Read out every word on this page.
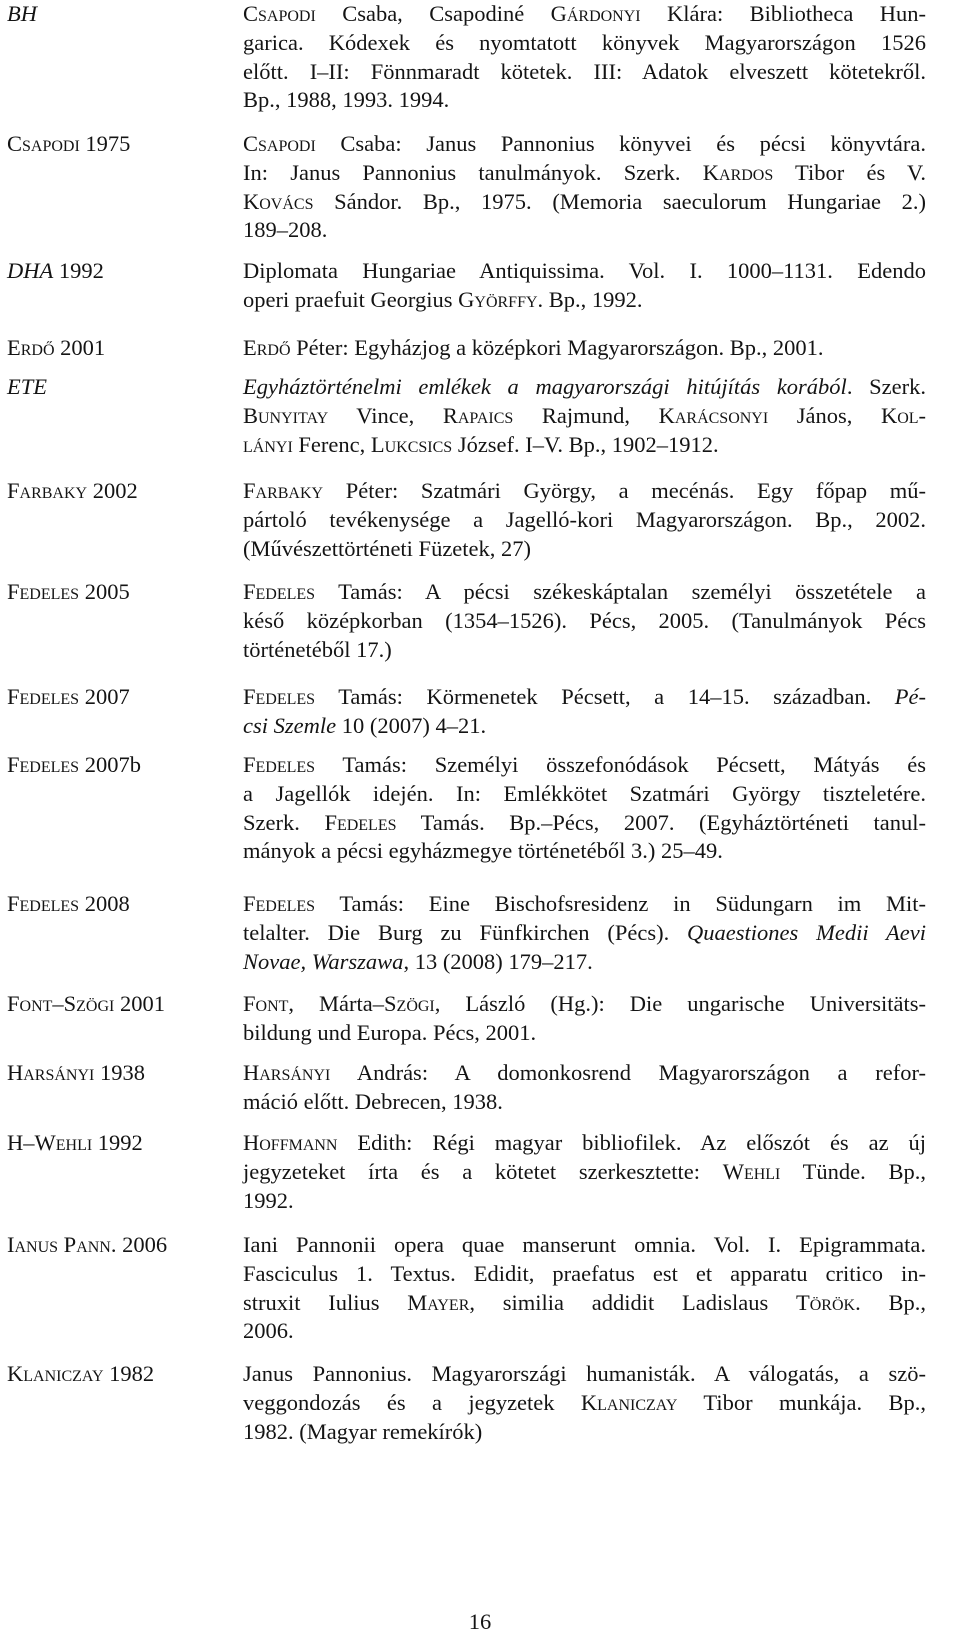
BH	Csapodi Csaba, Csapodiné Gárdonyi Klára: Bibliotheca Hun-
garica. Kódexek és nyomtatott könyvek Magyarországon 1526
előtt. I–II: Fönnmaradt kötetek. III: Adatok elveszett kötetekről.
Bp., 1988, 1993. 1994.
Csapodi 1975	Csapodi Csaba: Janus Pannonius könyvei és pécsi könyvtára.
In: Janus Pannonius tanulmányok. Szerk. Kardos Tibor és V.
Kovács Sándor. Bp., 1975. (Memoria saeculorum Hungariae 2.)
189–208.
DHA 1992	Diplomata Hungariae Antiquissima. Vol. I. 1000–1131. Edendo
operi praefuit Georgius Györffy. Bp., 1992.
Erdő 2001	Erdő Péter: Egyházjog a középkori Magyarországon. Bp., 2001.
ETE	Egyháztörténelmi emlékek a magyarországi hitújítás korából. Szerk.
Bunyitay Vince, Rapaics Rajmund, Karácsonyi János, Kol-
lányi Ferenc, Lukcsics József. I–V. Bp., 1902–1912.
Farbaky 2002	Farbaky Péter: Szatmári György, a mecénás. Egy főpap mű-
pártoló tevékenysége a Jagelló-kori Magyarországon. Bp., 2002.
(Művészettörténeti Füzetek, 27)
Fedeles 2005	Fedeles Tamás: A pécsi székeskáptalan személyi összetétele a
késő középkorban (1354–1526). Pécs, 2005. (Tanulmányok Pécs
történetéből 17.)
Fedeles 2007	Fedeles Tamás: Körmenetek Pécsett, a 14–15. században. Pé-
csi Szemle 10 (2007) 4–21.
Fedeles 2007b	Fedeles Tamás: Személyi összefonódások Pécsett, Mátyás és
a Jagellók idején. In: Emlékkötet Szatmári György tiszteletére.
Szerk. Fedeles Tamás. Bp.–Pécs, 2007. (Egyháztörténeti tanul-
mányok a pécsi egyházmegye történetéből 3.) 25–49.
Fedeles 2008	Fedeles Tamás: Eine Bischofsresidenz in Südungarn im Mit-
telalter. Die Burg zu Fünfkirchen (Pécs). Quaestiones Medii Aevi
Novae, Warszawa, 13 (2008) 179–217.
Font–Szögi 2001	Font, Márta–Szögi, László (Hg.): Die ungarische Universitäts-
bildung und Europa. Pécs, 2001.
Harsányi 1938	Harsányi András: A domonkosrend Magyarországon a refor-
máció előtt. Debrecen, 1938.
H–Wehli 1992	Hoffmann Edith: Régi magyar bibliofilek. Az előszót és az új
jegyzeteket írta és a kötetet szerkesztette: Wehli Tünde. Bp.,
1992.
Ianus Pann. 2006	Iani Pannonii opera quae manserunt omnia. Vol. I. Epigrammata.
Fasciculus 1. Textus. Edidit, praefatus est et apparatu critico in-
struxit Iulius Mayer, similia addidit Ladislaus Török. Bp.,
2006.
Klaniczay 1982	Janus Pannonius. Magyarországi humanisták. A válogatás, a szö-
veggondozás és a jegyzetek Klaniczay Tibor munkája. Bp.,
1982. (Magyar remekírók)
16
